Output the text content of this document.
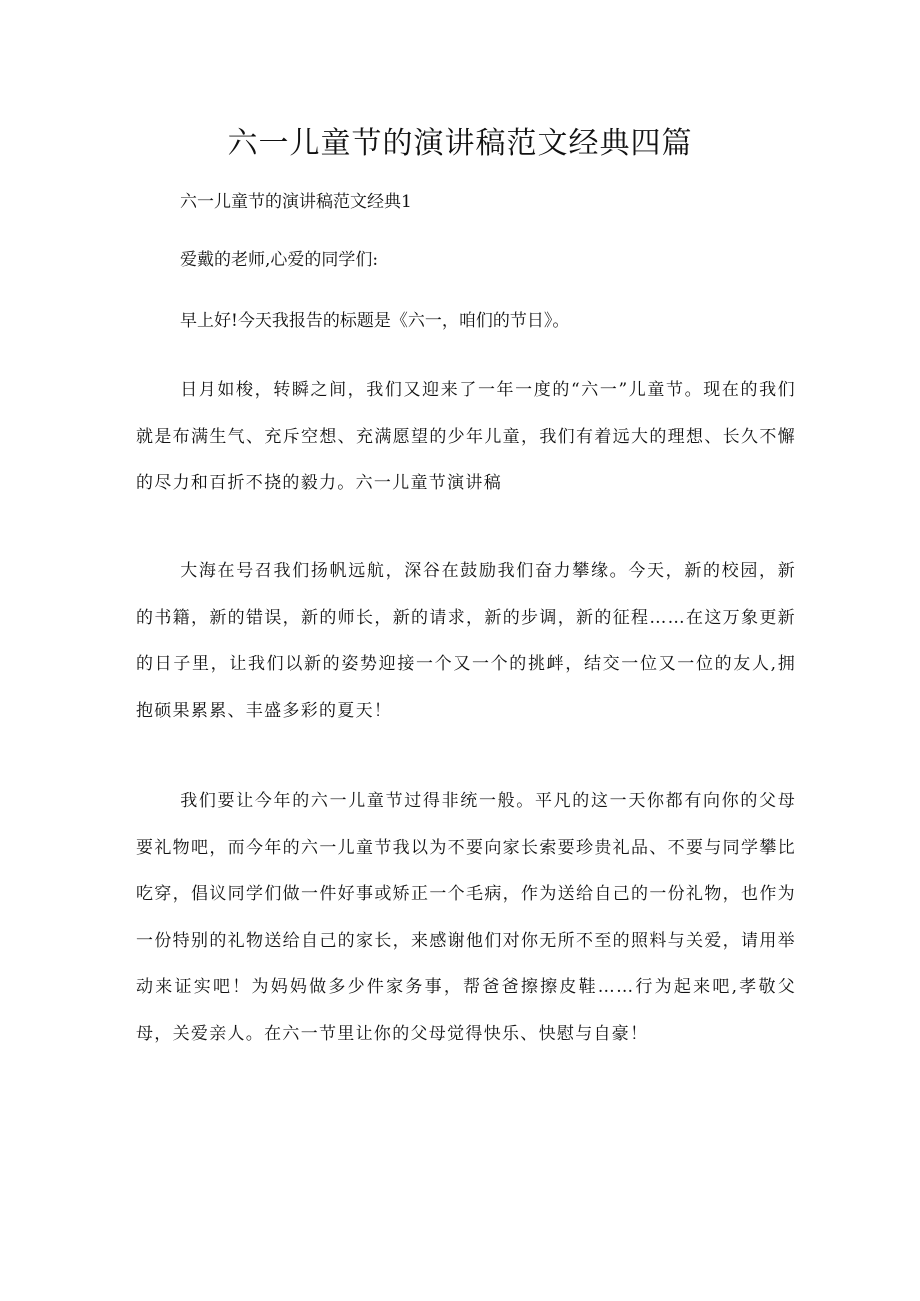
六一儿童节的演讲稿范文经典四篇

六一儿童节的演讲稿范文经典1

爱戴的老师,心爱的同学们:

早上好!今天我报告的标题是《六一，咱们的节日》。

日月如梭，转瞬之间，我们又迎来了一年一度的“六一”儿童节。现在的我们就是布满生气、充斥空想、充满愿望的少年儿童，我们有着远大的理想、长久不懈的尽力和百折不挠的毅力。六一儿童节演讲稿

大海在号召我们扬帆远航，深谷在鼓励我们奋力攀缘。今天，新的校园，新的书籍，新的错误，新的师长，新的请求，新的步调，新的征程……在这万象更新的日子里，让我们以新的姿势迎接一个又一个的挑衅，结交一位又一位的友人,拥抱硕果累累、丰盛多彩的夏天！

我们要让今年的六一儿童节过得非统一般。平凡的这一天你都有向你的父母要礼物吧，而今年的六一儿童节我以为不要向家长索要珍贵礼品、不要与同学攀比吃穿，倡议同学们做一件好事或矫正一个毛病，作为送给自己的一份礼物，也作为一份特别的礼物送给自己的家长，来感谢他们对你无所不至的照料与关爱，请用举动来证实吧！为妈妈做多少件家务事，帮爸爸擦擦皮鞋……行为起来吧,孝敬父母，关爱亲人。在六一节里让你的父母觉得快乐、快慰与自豪！
